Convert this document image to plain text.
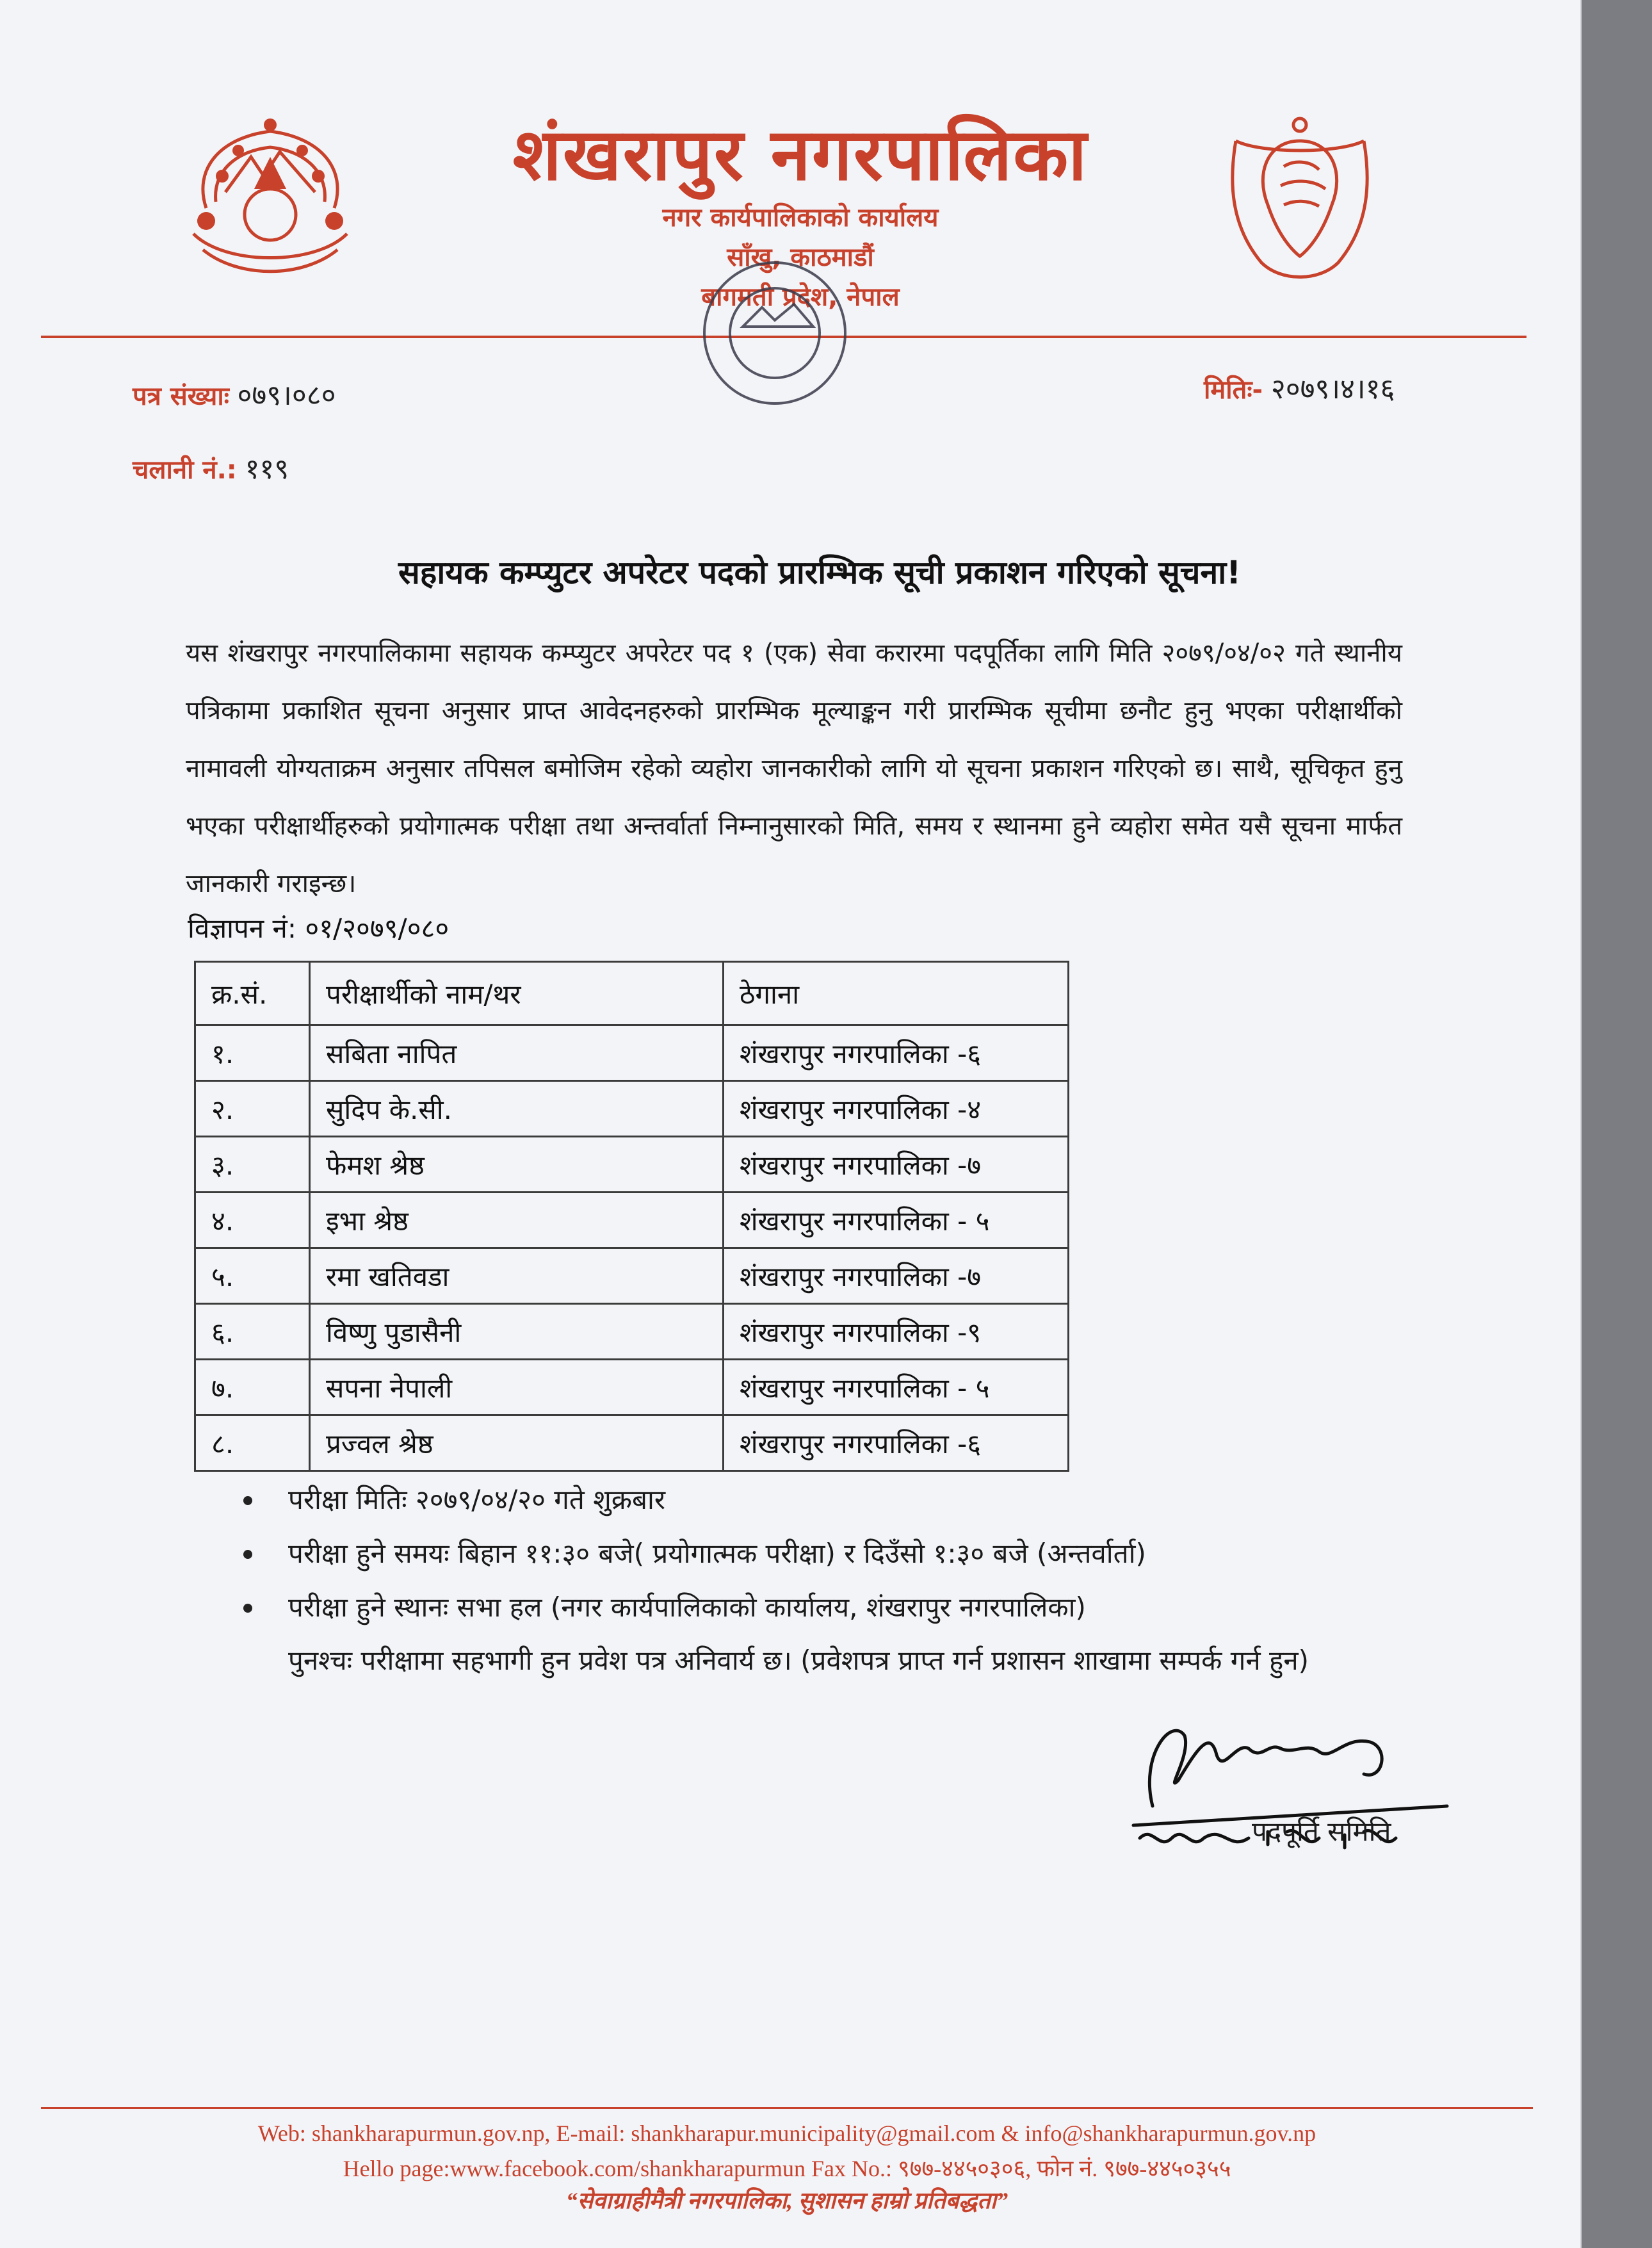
शंखरापुर नगरपालिका
नगर कार्यपालिकाको कार्यालय
साँखु, काठमाडौं
बागमती प्रदेश, नेपाल
पत्र संख्याः ०७९।०८०
चलानी नं.: ११९
मितिः- २०७९।४।१६
सहायक कम्प्युटर अपरेटर पदको प्रारम्भिक सूची प्रकाशन गरिएको सूचना!
यस शंखरापुर नगरपालिकामा सहायक कम्प्युटर अपरेटर पद १ (एक) सेवा करारमा पदपूर्तिका लागि मिति २०७९/०४/०२ गते स्थानीय पत्रिकामा प्रकाशित सूचना अनुसार प्राप्त आवेदनहरुको प्रारम्भिक मूल्याङ्कन गरी प्रारम्भिक सूचीमा छनौट हुनु भएका परीक्षार्थीको नामावली योग्यताक्रम अनुसार तपिसल बमोजिम रहेको व्यहोरा जानकारीको लागि यो सूचना प्रकाशन गरिएको छ। साथै, सूचिकृत हुनु भएका परीक्षार्थीहरुको प्रयोगात्मक परीक्षा तथा अन्तर्वार्ता निम्नानुसारको मिति, समय र स्थानमा हुने व्यहोरा समेत यसै सूचना मार्फत जानकारी गराइन्छ।
विज्ञापन नं: ०१/२०७९/०८०
क्र.सं.	परीक्षार्थीको नाम/थर	ठेगाना
१.	सबिता नापित	शंखरापुर नगरपालिका -६
२.	सुदिप के.सी.	शंखरापुर नगरपालिका -४
३.	फेमश श्रेष्ठ	शंखरापुर नगरपालिका -७
४.	इभा श्रेष्ठ	शंखरापुर नगरपालिका - ५
५.	रमा खतिवडा	शंखरापुर नगरपालिका -७
६.	विष्णु पुडासैनी	शंखरापुर नगरपालिका -९
७.	सपना नेपाली	शंखरापुर नगरपालिका - ५
८.	प्रज्वल श्रेष्ठ	शंखरापुर नगरपालिका -६
परीक्षा मितिः २०७९/०४/२० गते शुक्रबार
परीक्षा हुने समयः बिहान ११:३० बजे( प्रयोगात्मक परीक्षा) र दिउँसो १:३० बजे (अन्तर्वार्ता)
परीक्षा हुने स्थानः सभा हल (नगर कार्यपालिकाको कार्यालय, शंखरापुर नगरपालिका)
पुनश्चः परीक्षामा सहभागी हुन प्रवेश पत्र अनिवार्य छ। (प्रवेशपत्र प्राप्त गर्न प्रशासन शाखामा सम्पर्क गर्न हुन)
पदपूर्ति समिति
Web: shankharapurmun.gov.np, E-mail: shankharapur.municipality@gmail.com & info@shankharapurmun.gov.np
Hello page:www.facebook.com/shankharapurmun Fax No.: ९७७-४४५०३०६, फोन नं. ९७७-४४५०३५५
“सेवाग्राहीमैत्री नगरपालिका, सुशासन हाम्रो प्रतिबद्धता”
